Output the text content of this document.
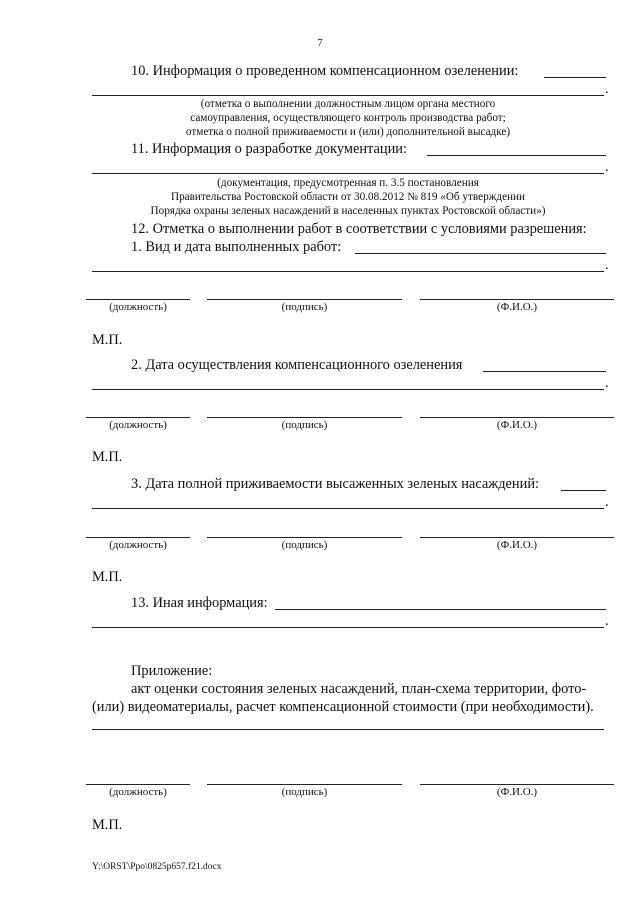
7
10. Информация о проведенном компенсационном озеленении:
.
(отметка о выполнении должностным лицом органа местного
самоуправления, осуществляющего контроль производства работ;
отметка о полной приживаемости и (или) дополнительной высадке)
11. Информация о разработке документации:
.
(документация, предусмотренная п. 3.5 постановления
Правительства Ростовской области от 30.08.2012 № 819 «Об утверждении
Порядка охраны зеленых насаждений в населенных пунктах Ростовской области»)
12. Отметка о выполнении работ в соответствии с условиями разрешения:
1. Вид и дата выполненных работ:
.
(должность)	(подпись)	(Ф.И.О.)
М.П.
2. Дата осуществления компенсационного озеленения
.
(должность)	(подпись)	(Ф.И.О.)
М.П.
3. Дата полной приживаемости высаженных зеленых насаждений:
.
(должность)	(подпись)	(Ф.И.О.)
М.П.
13. Иная информация:
.
Приложение:
акт оценки состояния зеленых насаждений, план-схема территории, фото-
(или) видеоматериалы, расчет компенсационной стоимости (при необходимости).
(должность)	(подпись)	(Ф.И.О.)
М.П.
Y:\ORST\Ppo\0825p657.f21.docx
